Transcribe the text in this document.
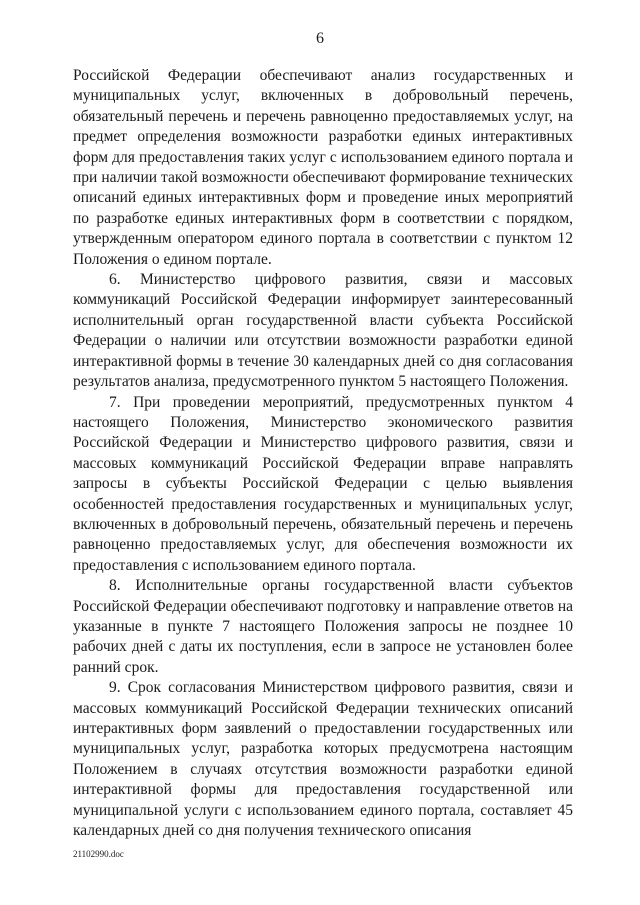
6

Российской Федерации обеспечивают анализ государственных и муниципальных услуг, включенных в добровольный перечень, обязательный перечень и перечень равноценно предоставляемых услуг, на предмет определения возможности разработки единых интерактивных форм для предоставления таких услуг с использованием единого портала и при наличии такой возможности обеспечивают формирование технических описаний единых интерактивных форм и проведение иных мероприятий по разработке единых интерактивных форм в соответствии с порядком, утвержденным оператором единого портала в соответствии с пунктом 12 Положения о едином портале.

6. Министерство цифрового развития, связи и массовых коммуникаций Российской Федерации информирует заинтересованный исполнительный орган государственной власти субъекта Российской Федерации о наличии или отсутствии возможности разработки единой интерактивной формы в течение 30 календарных дней со дня согласования результатов анализа, предусмотренного пунктом 5 настоящего Положения.

7. При проведении мероприятий, предусмотренных пунктом 4 настоящего Положения, Министерство экономического развития Российской Федерации и Министерство цифрового развития, связи и массовых коммуникаций Российской Федерации вправе направлять запросы в субъекты Российской Федерации с целью выявления особенностей предоставления государственных и муниципальных услуг, включенных в добровольный перечень, обязательный перечень и перечень равноценно предоставляемых услуг, для обеспечения возможности их предоставления с использованием единого портала.

8. Исполнительные органы государственной власти субъектов Российской Федерации обеспечивают подготовку и направление ответов на указанные в пункте 7 настоящего Положения запросы не позднее 10 рабочих дней с даты их поступления, если в запросе не установлен более ранний срок.

9. Срок согласования Министерством цифрового развития, связи и массовых коммуникаций Российской Федерации технических описаний интерактивных форм заявлений о предоставлении государственных или муниципальных услуг, разработка которых предусмотрена настоящим Положением в случаях отсутствия возможности разработки единой интерактивной формы для предоставления государственной или муниципальной услуги с использованием единого портала, составляет 45 календарных дней со дня получения технического описания

21102990.doc
